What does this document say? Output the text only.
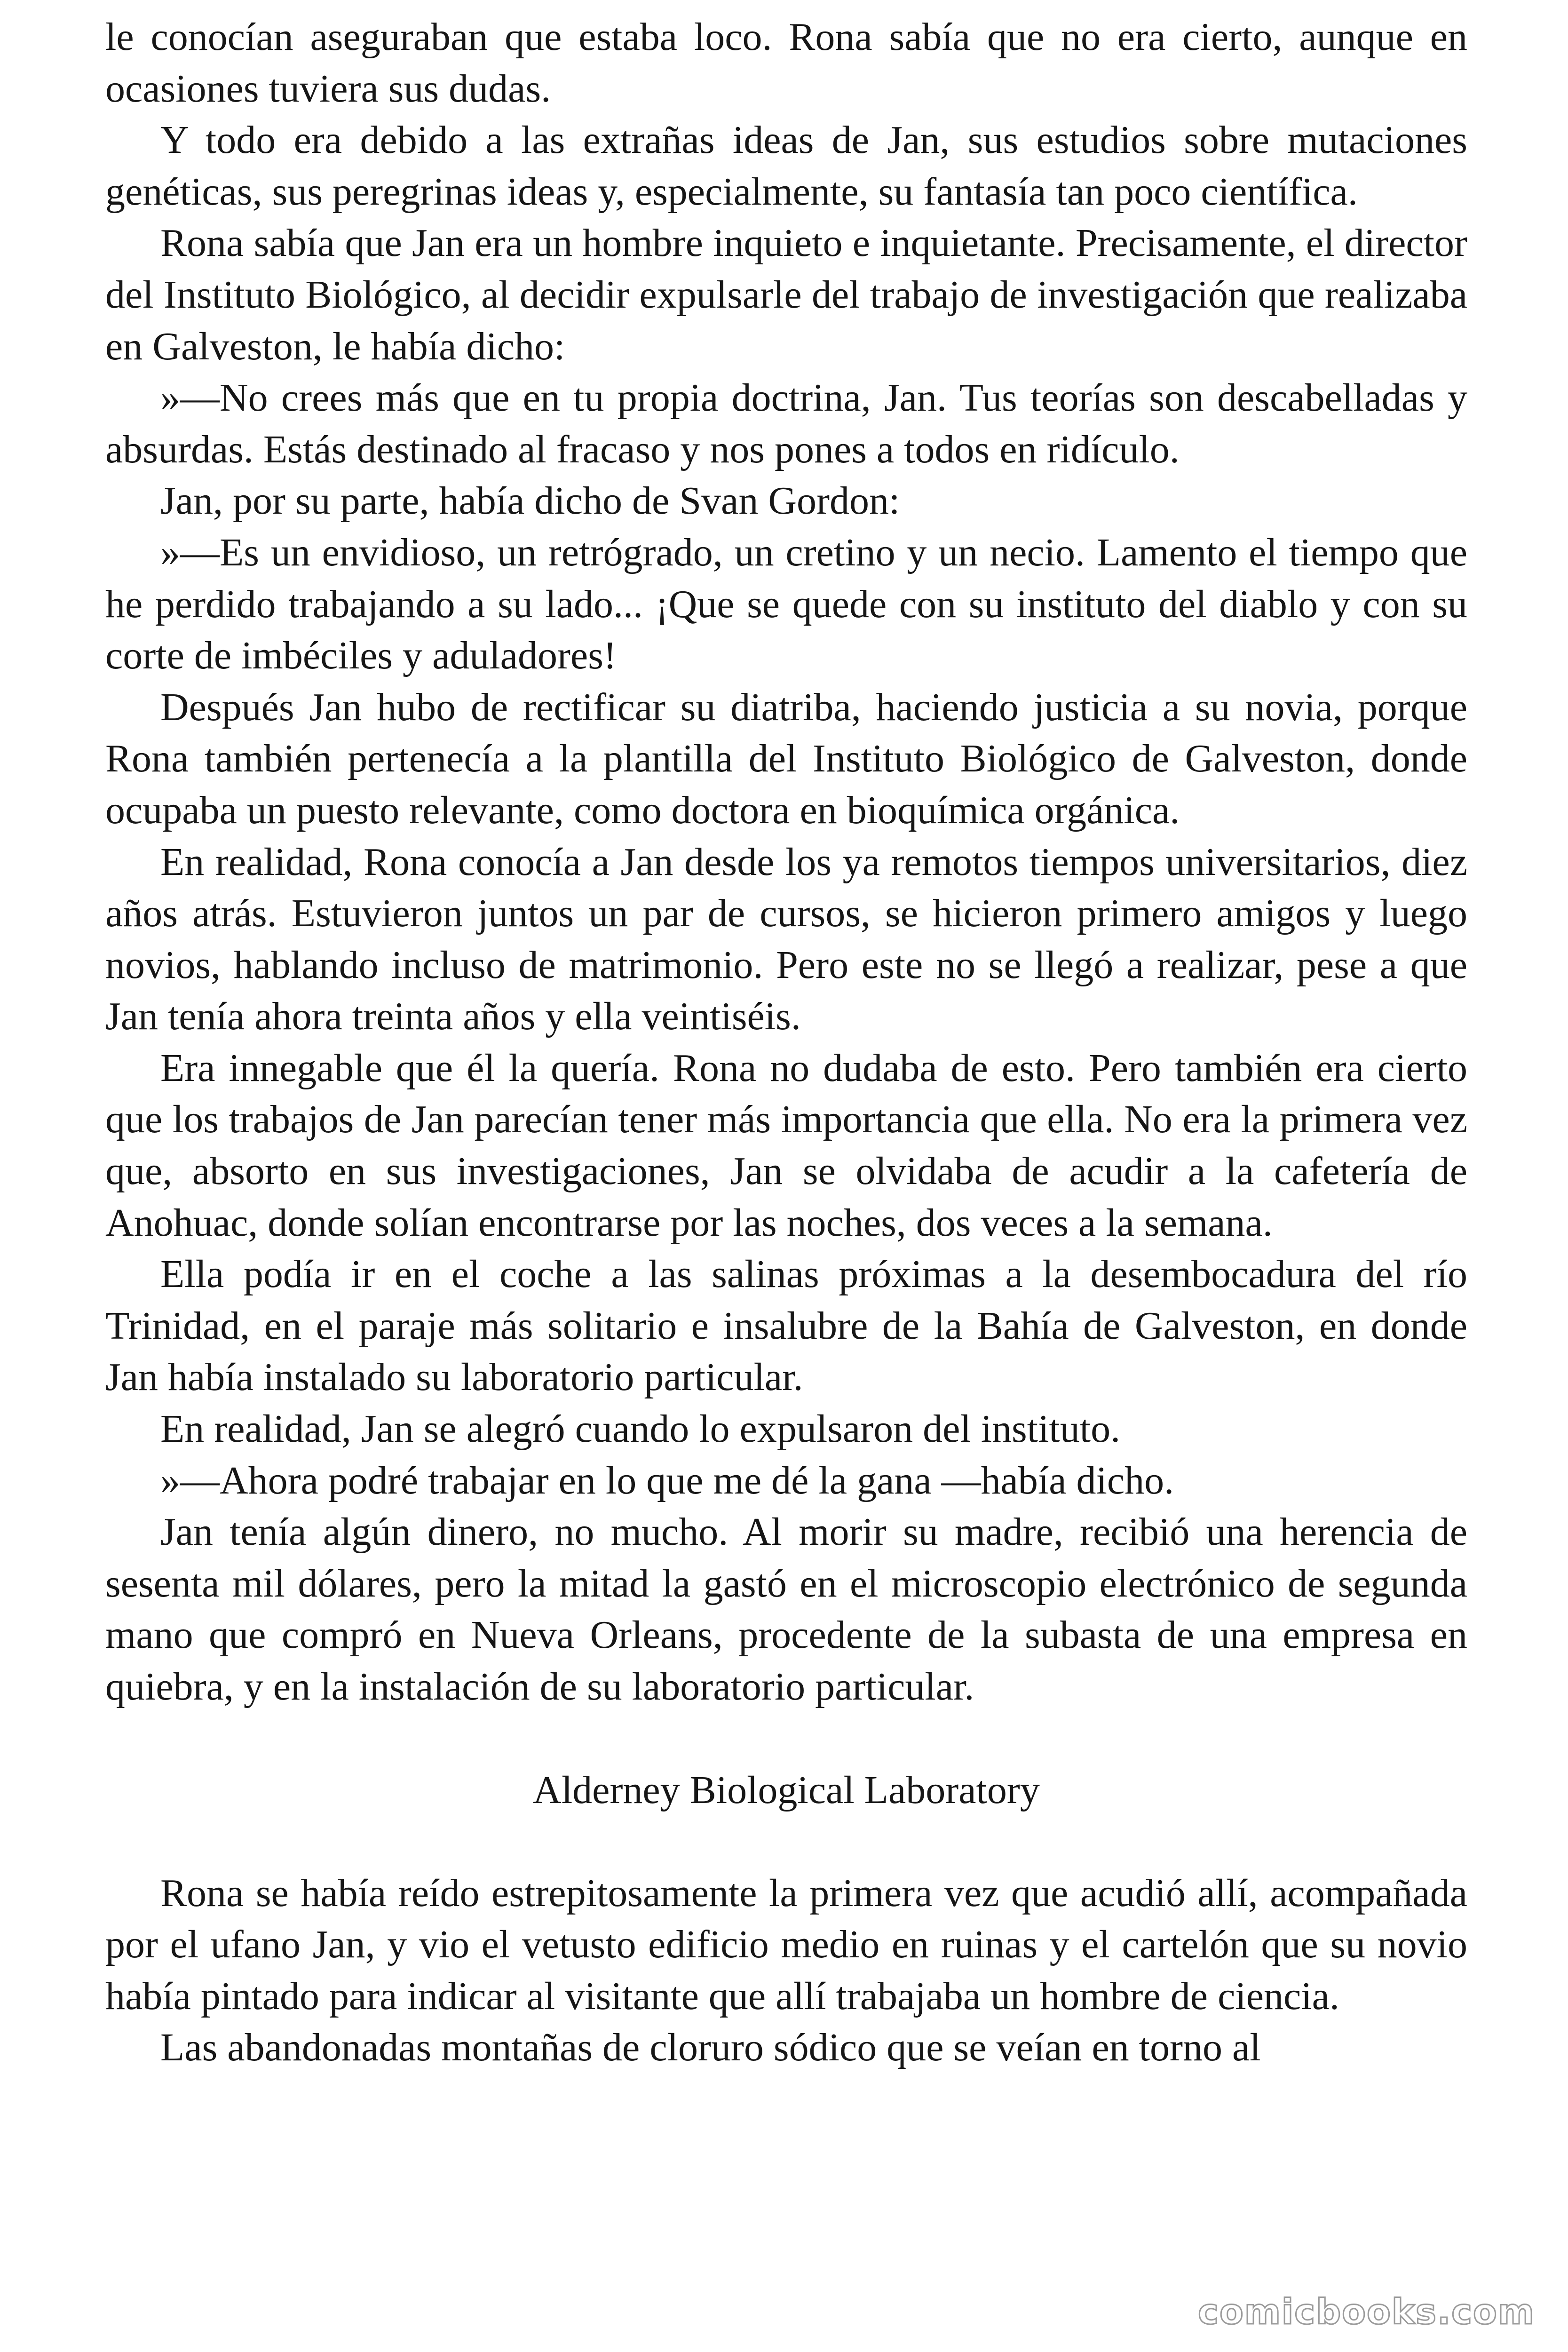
le conocían aseguraban que estaba loco. Rona sabía que no era cierto, aunque en ocasiones tuviera sus dudas.

Y todo era debido a las extrañas ideas de Jan, sus estudios sobre mutaciones genéticas, sus peregrinas ideas y, especialmente, su fantasía tan poco científica.

Rona sabía que Jan era un hombre inquieto e inquietante. Precisamente, el director del Instituto Biológico, al decidir expulsarle del trabajo de investigación que realizaba en Galveston, le había dicho:

»—No crees más que en tu propia doctrina, Jan. Tus teorías son descabelladas y absurdas. Estás destinado al fracaso y nos pones a todos en ridículo.

Jan, por su parte, había dicho de Svan Gordon:

»—Es un envidioso, un retrógrado, un cretino y un necio. Lamento el tiempo que he perdido trabajando a su lado... ¡Que se quede con su instituto del diablo y con su corte de imbéciles y aduladores!

Después Jan hubo de rectificar su diatriba, haciendo justicia a su novia, porque Rona también pertenecía a la plantilla del Instituto Biológico de Galveston, donde ocupaba un puesto relevante, como doctora en bioquímica orgánica.

En realidad, Rona conocía a Jan desde los ya remotos tiempos universitarios, diez años atrás. Estuvieron juntos un par de cursos, se hicieron primero amigos y luego novios, hablando incluso de matrimonio. Pero este no se llegó a realizar, pese a que Jan tenía ahora treinta años y ella veintiséis.

Era innegable que él la quería. Rona no dudaba de esto. Pero también era cierto que los trabajos de Jan parecían tener más importancia que ella. No era la primera vez que, absorto en sus investigaciones, Jan se olvidaba de acudir a la cafetería de Anohuac, donde solían encontrarse por las noches, dos veces a la semana.

Ella podía ir en el coche a las salinas próximas a la desembocadura del río Trinidad, en el paraje más solitario e insalubre de la Bahía de Galveston, en donde Jan había instalado su laboratorio particular.

En realidad, Jan se alegró cuando lo expulsaron del instituto.

»—Ahora podré trabajar en lo que me dé la gana —había dicho.

Jan tenía algún dinero, no mucho. Al morir su madre, recibió una herencia de sesenta mil dólares, pero la mitad la gastó en el microscopio electrónico de segunda mano que compró en Nueva Orleans, procedente de la subasta de una empresa en quiebra, y en la instalación de su laboratorio particular.

Alderney Biological Laboratory

Rona se había reído estrepitosamente la primera vez que acudió allí, acompañada por el ufano Jan, y vio el vetusto edificio medio en ruinas y el cartelón que su novio había pintado para indicar al visitante que allí trabajaba un hombre de ciencia.

Las abandonadas montañas de cloruro sódico que se veían en torno al

comicbooks.com
